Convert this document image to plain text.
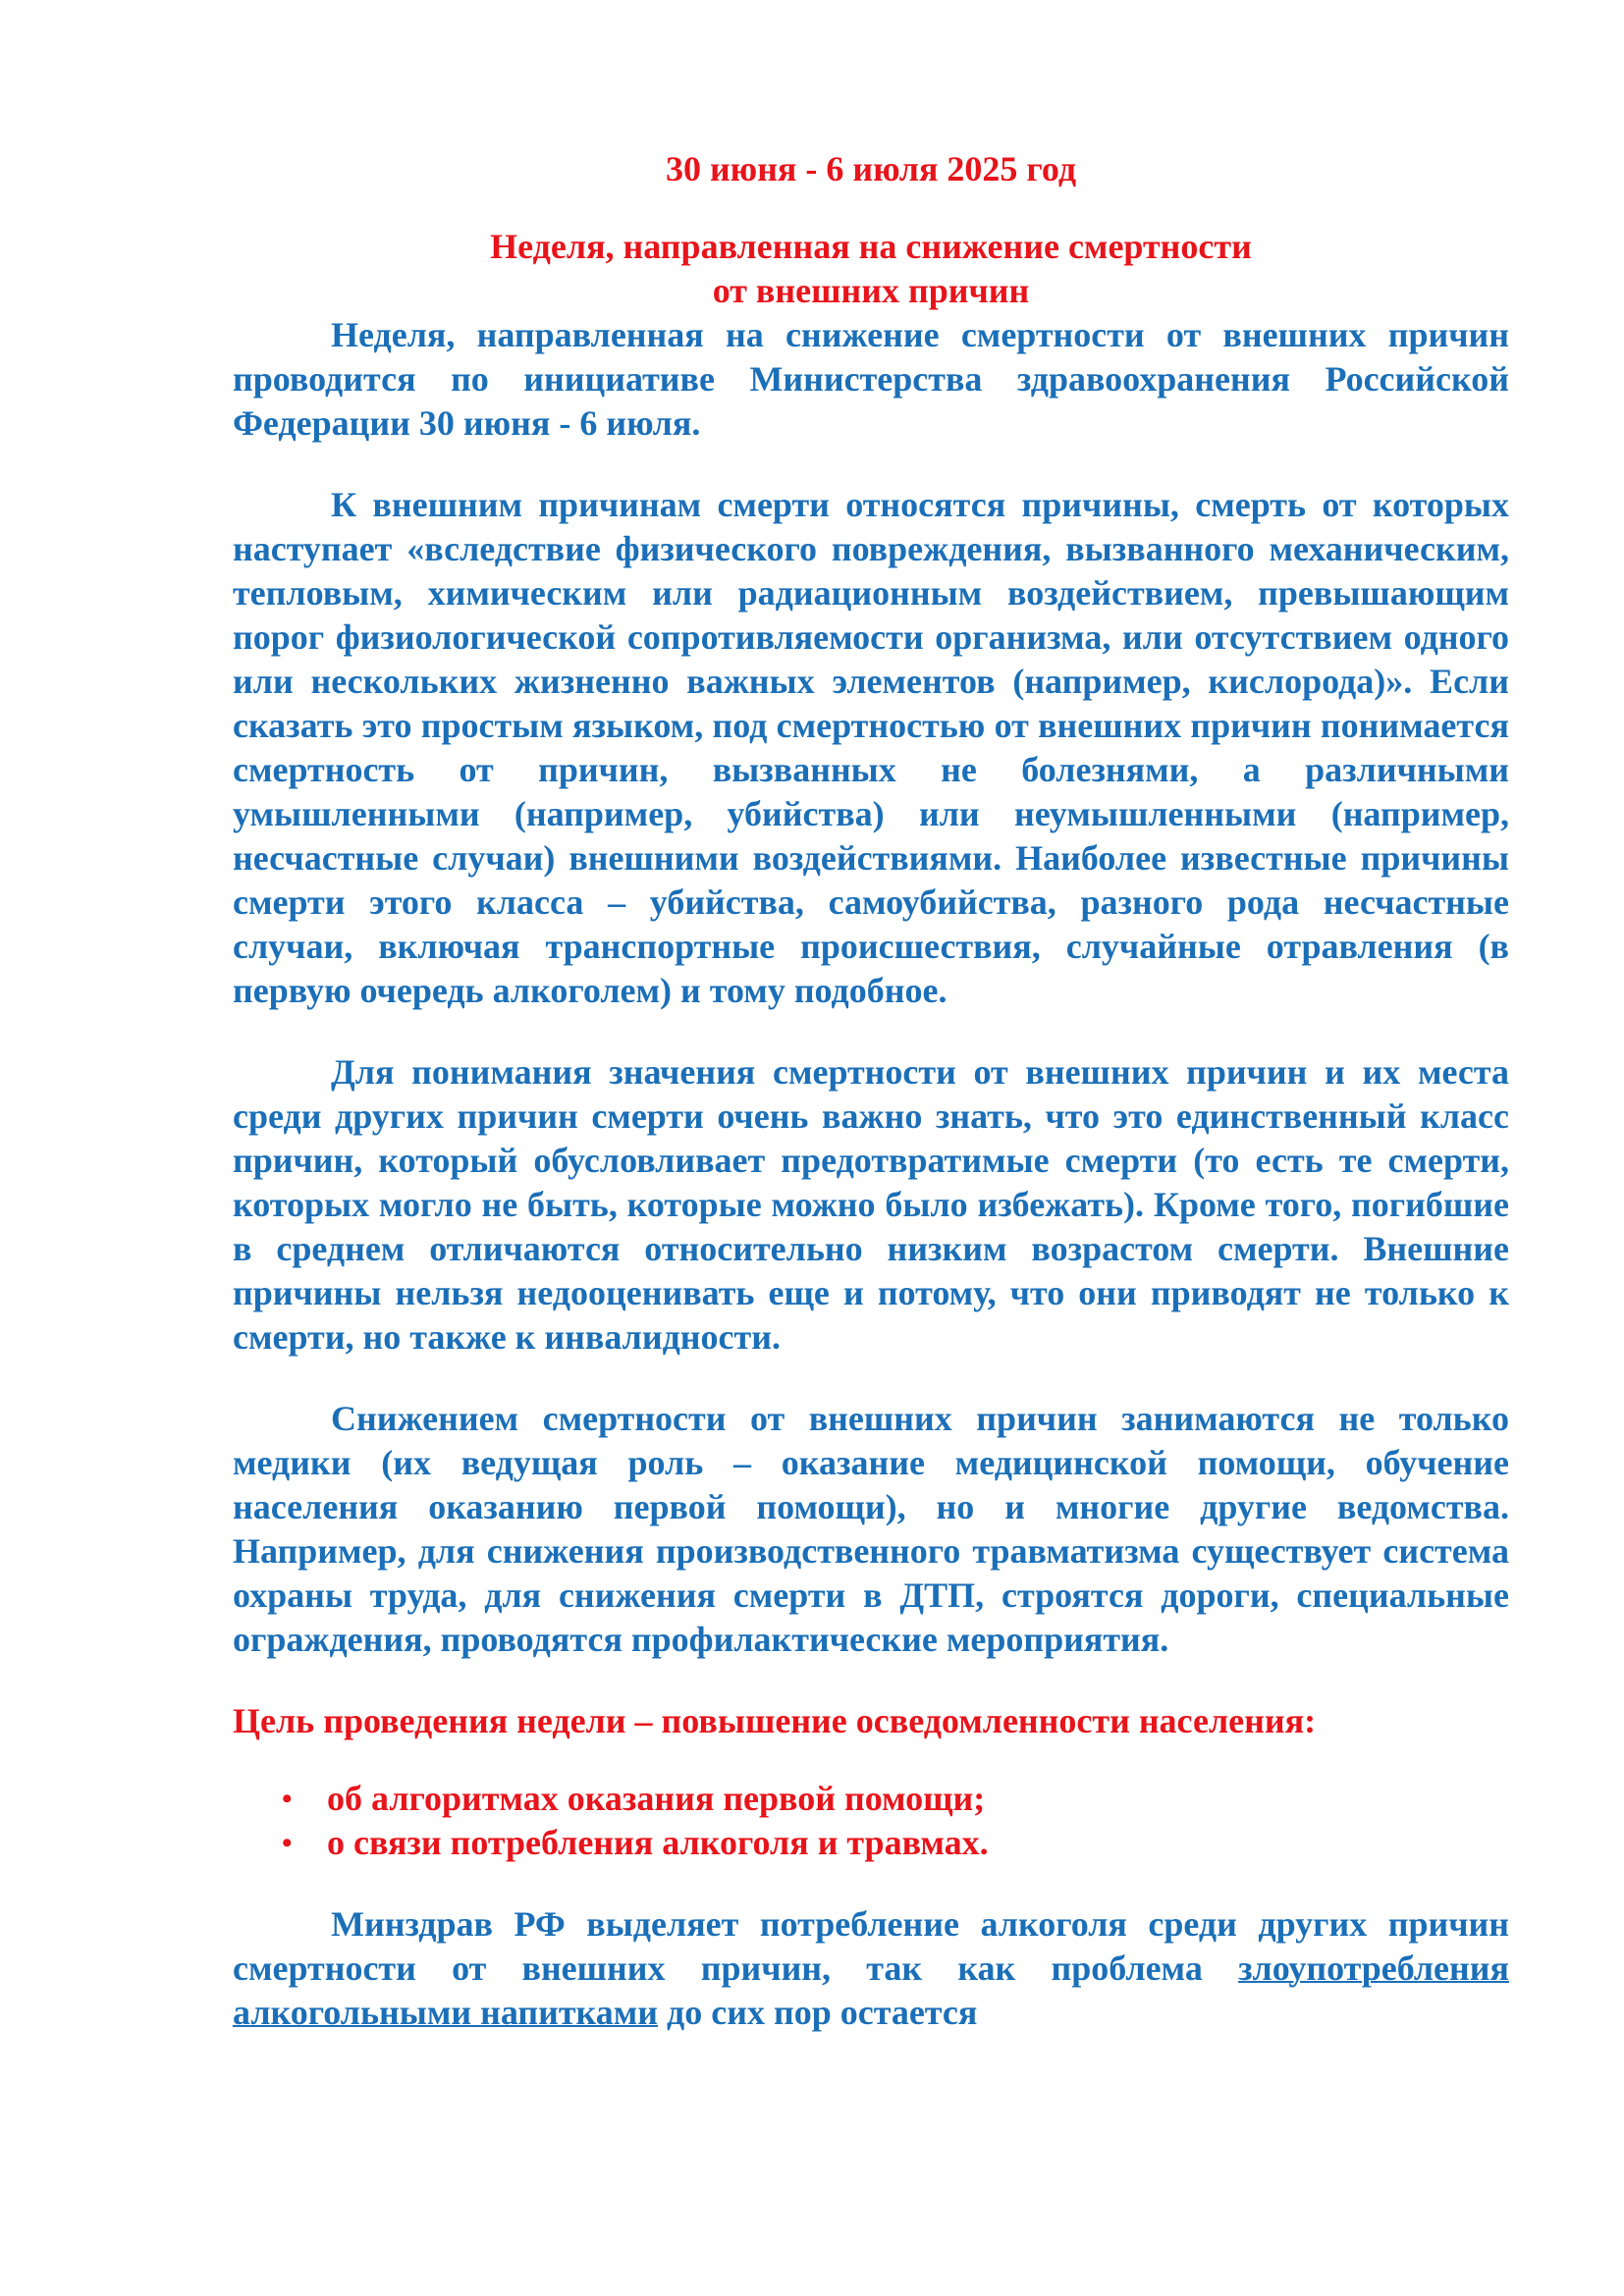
30 июня - 6 июля 2025 год
Неделя, направленная на снижение смертности
от внешних причин

Неделя, направленная на снижение смертности от внешних причин проводится по инициативе Министерства здравоохранения Российской Федерации 30 июня - 6 июля.

К внешним причинам смерти относятся причины, смерть от которых наступает «вследствие физического повреждения, вызванного механическим, тепловым, химическим или радиационным воздействием, превышающим порог физиологической сопротивляемости организма, или отсутствием одного или нескольких жизненно важных элементов (например, кислорода)». Если сказать это простым языком, под смертностью от внешних причин понимается смертность от причин, вызванных не болезнями, а различными умышленными (например, убийства) или неумышленными (например, несчастные случаи) внешними воздействиями. Наиболее известные причины смерти этого класса – убийства, самоубийства, разного рода несчастные случаи, включая транспортные происшествия, случайные отравления (в первую очередь алкоголем) и тому подобное.

Для понимания значения смертности от внешних причин и их места среди других причин смерти очень важно знать, что это единственный класс причин, который обусловливает предотвратимые смерти (то есть те смерти, которых могло не быть, которые можно было избежать). Кроме того, погибшие в среднем отличаются относительно низким возрастом смерти. Внешние причины нельзя недооценивать еще и потому, что они приводят не только к смерти, но также к инвалидности.

Снижением смертности от внешних причин занимаются не только медики (их ведущая роль – оказание медицинской помощи, обучение населения оказанию первой помощи), но и многие другие ведомства. Например, для снижения производственного травматизма существует система охраны труда, для снижения смерти в ДТП, строятся дороги, специальные ограждения, проводятся профилактические мероприятия.

Цель проведения недели – повышение осведомленности населения:
• об алгоритмах оказания первой помощи;
• о связи потребления алкоголя и травмах.

Минздрав РФ выделяет потребление алкоголя среди других причин смертности от внешних причин, так как проблема злоупотребления алкогольными напитками до сих пор остается
